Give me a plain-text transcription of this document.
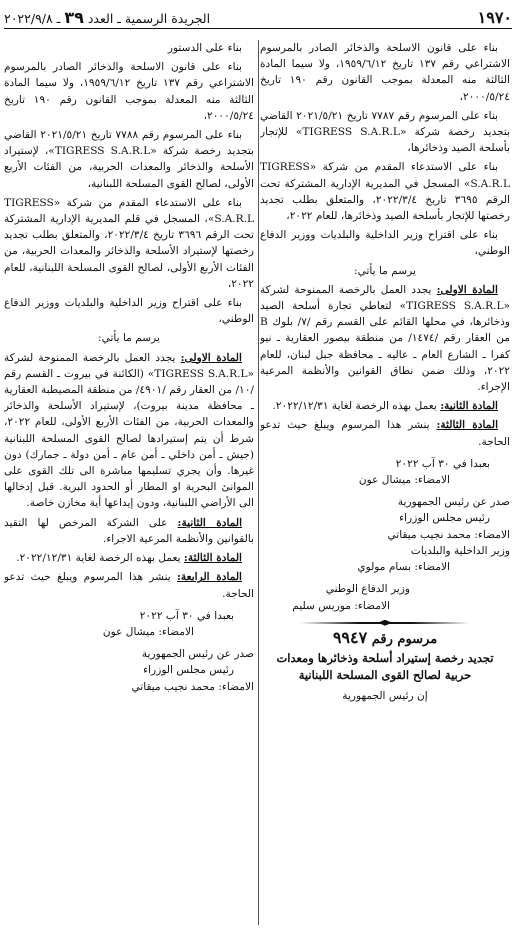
١٩٧٠
الجريدة الرسمية ـ العدد ٣٩ ـ ٢٠٢٢/٩/٨

بناء على قانون الاسلحة والذخائر الصادر بالمرسوم الاشتراعي رقم ١٣٧ تاريخ ١٩٥٩/٦/١٢، ولا سيما المادة الثالثة منه المعدلة بموجب القانون رقم ١٩٠ تاريخ ٢٠٠٠/٥/٢٤،

بناء على المرسوم رقم ٧٧٨٧ تاريخ ٢٠٢١/٥/٢١ القاضي بتجديد رخصة شركة «TIGRESS S.A.R.L» للإتجار بأسلحة الصيد وذخائرها،

بناء على الاستدعاء المقدم من شركة «TIGRESS S.A.R.L» المسجل في المديرية الإدارية المشتركة تحت الرقم ٣٦٩٥ تاريخ ٢٠٢٢/٣/٤، والمتعلق بطلب تجديد رخصتها للإتجار بأسلحة الصيد وذخائرها، للعام ٢٠٢٢،

بناء على اقتراح وزير الداخلية والبلديات ووزير الدفاع الوطني،

يرسم ما يأتي:

المادة الاولى: يجدد العمل بالرخصة الممنوحة لشركة «TIGRESS S.A.R.L» لتعاطي تجارة أسلحة الصيد وذخائرها، في محلها القائم على القسم رقم /٧/ بلوك B من العقار رقم /١٤٧٤/ من منطقة بيصور العقارية ـ نيو كفرا ـ الشارع العام ـ عاليه ـ محافظة جبل لبنان، للعام ٢٠٢٢، وذلك ضمن نطاق القوانين والأنظمة المرعية الإجراء.

المادة الثانية: يعمل بهذه الرخصة لغاية ٢٠٢٢/١٢/٣١.

المادة الثالثة: ينشر هذا المرسوم ويبلغ حيث تدعو الحاجة.

بعبدا في ٣٠ آب ٢٠٢٢

الامضاء: ميشال عون

صدر عن رئيس الجمهورية

رئيس مجلس الوزراء

الامضاء: محمد نجيب ميقاتي

وزير الداخلية والبلديات

الامضاء: بسام مولوي

وزير الدفاع الوطني

الامضاء: موريس سليم

مرسوم رقم ٩٩٤٧
تجديد رخصة إستيراد أسلحة وذخائرها ومعدات
حربية لصالح القوى المسلحة اللبنانية

إن رئيس الجمهورية

بناء على الدستور

بناء على قانون الاسلحة والذخائر الصادر بالمرسوم الاشتراعي رقم ١٣٧ تاريخ ١٩٥٩/٦/١٢، ولا سيما المادة الثالثة منه المعدلة بموجب القانون رقم ١٩٠ تاريخ ٢٠٠٠/٥/٢٤،

بناء على المرسوم رقم ٧٧٨٨ تاريخ ٢٠٢١/٥/٢١ القاضي بتجديد رخصة شركة «TIGRESS S.A.R.L»، لإستيراد الأسلحة والذخائر والمعدات الحربية، من الفئات الأربع الأولى، لصالح القوى المسلحة اللبنانية،

بناء على الاستدعاء المقدم من شركة «TIGRESS S.A.R.L»، المسجل في قلم المديرية الإدارية المشتركة تحت الرقم ٣٦٩٦ تاريخ ٢٠٢٢/٣/٤، والمتعلق بطلب تجديد رخصتها لإستيراد الأسلحة والذخائر والمعدات الحربية، من الفئات الأربع الأولى، لصالح القوى المسلحة اللبنانية، للعام ٢٠٢٢،

بناء على اقتراح وزير الداخلية والبلديات ووزير الدفاع الوطني،

يرسم ما يأتي:

المادة الاولى: يجدد العمل بالرخصة الممنوحة لشركة «TIGRESS S.A.R.L» (الكائنة في بيروت ـ القسم رقم /١٠/ من العقار رقم /٤٩٠١/ من منطقة المصيطبة العقارية ـ محافظة مدينة بيروت)، لإستيراد الأسلحة والذخائر والمعدات الحربية، من الفئات الأربع الأولى، للعام ٢٠٢٢، شرط أن يتم إستيرادها لصالح القوى المسلحة اللبنانية (جيش ـ أمن داخلي ـ أمن عام ـ أمن دولة ـ جمارك) دون غيرها. وأن يجري تسليمها مباشرة الى تلك القوى على الموانئ البحرية او المطار أو الحدود البرية. قبل إدخالها الى الأراضي اللبنانية، ودون إيداعها أية مخازن خاصة.

المادة الثانية: على الشركة المرخص لها التقيد بالقوانين والأنظمة المرعية الاجراء.

المادة الثالثة: يعمل بهذه الرخصة لغاية ٢٠٢٢/١٢/٣١.

المادة الرابعة: ينشر هذا المرسوم ويبلغ حيث تدعو الحاجة.

بعبدا في ٣٠ آب ٢٠٢٢

الامضاء: ميشال عون

صدر عن رئيس الجمهورية

رئيس مجلس الوزراء

الامضاء: محمد نجيب ميقاتي
